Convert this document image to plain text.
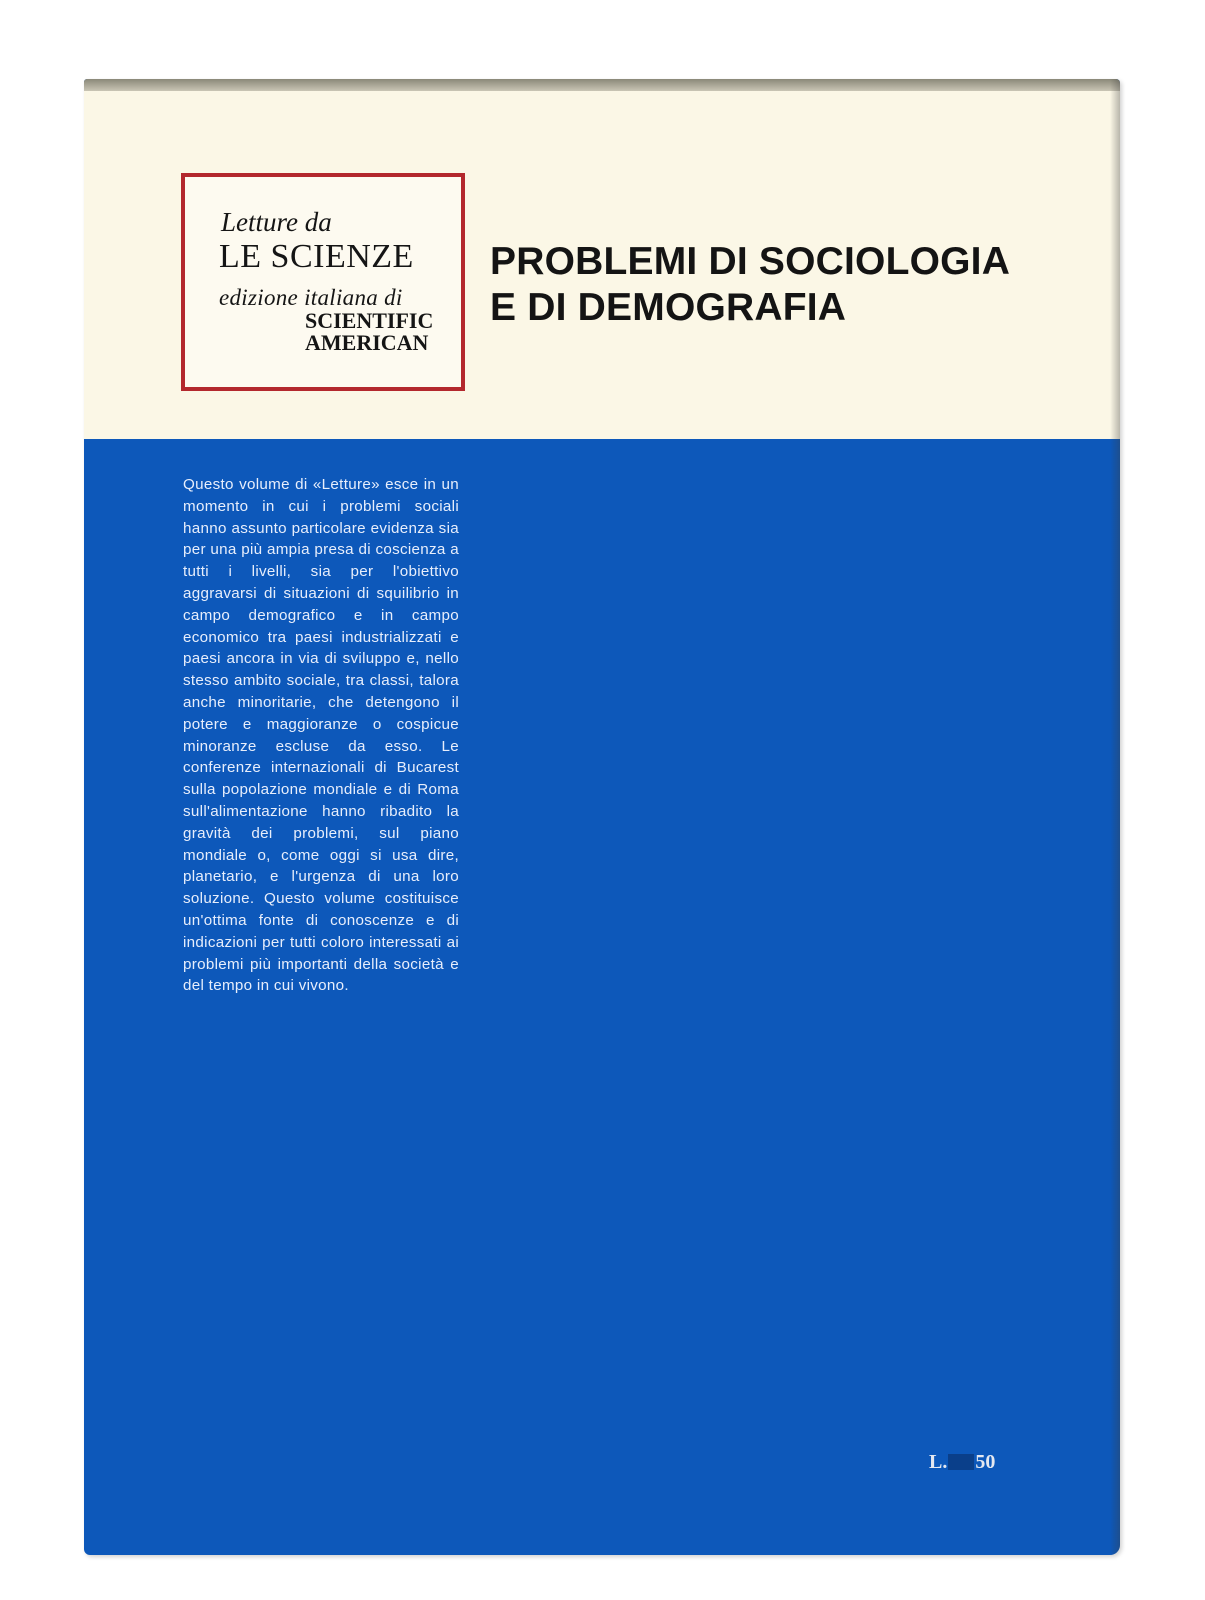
Letture da
LE SCIENZE
edizione italiana di
SCIENTIFIC
AMERICAN
PROBLEMI DI SOCIOLOGIA
E DI DEMOGRAFIA
Questo volume di «Letture» esce in un momento in cui i problemi sociali hanno assunto particolare evidenza sia per una più ampia presa di coscienza a tutti i livelli, sia per l'obiettivo aggravarsi di situazioni di squilibrio in campo demografico e in campo economico tra paesi industrializzati e paesi ancora in via di sviluppo e, nello stesso ambito sociale, tra classi, talora anche minoritarie, che detengono il potere e maggioranze o cospicue minoranze escluse da esso. Le conferenze internazionali di Bucarest sulla popolazione mondiale e di Roma sull'alimentazione hanno ribadito la gravità dei problemi, sul piano mondiale o, come oggi si usa dire, planetario, e l'urgenza di una loro soluzione. Questo volume costituisce un'ottima fonte di conoscenze e di indicazioni per tutti coloro interessati ai problemi più importanti della società e del tempo in cui vivono.
L. 50
